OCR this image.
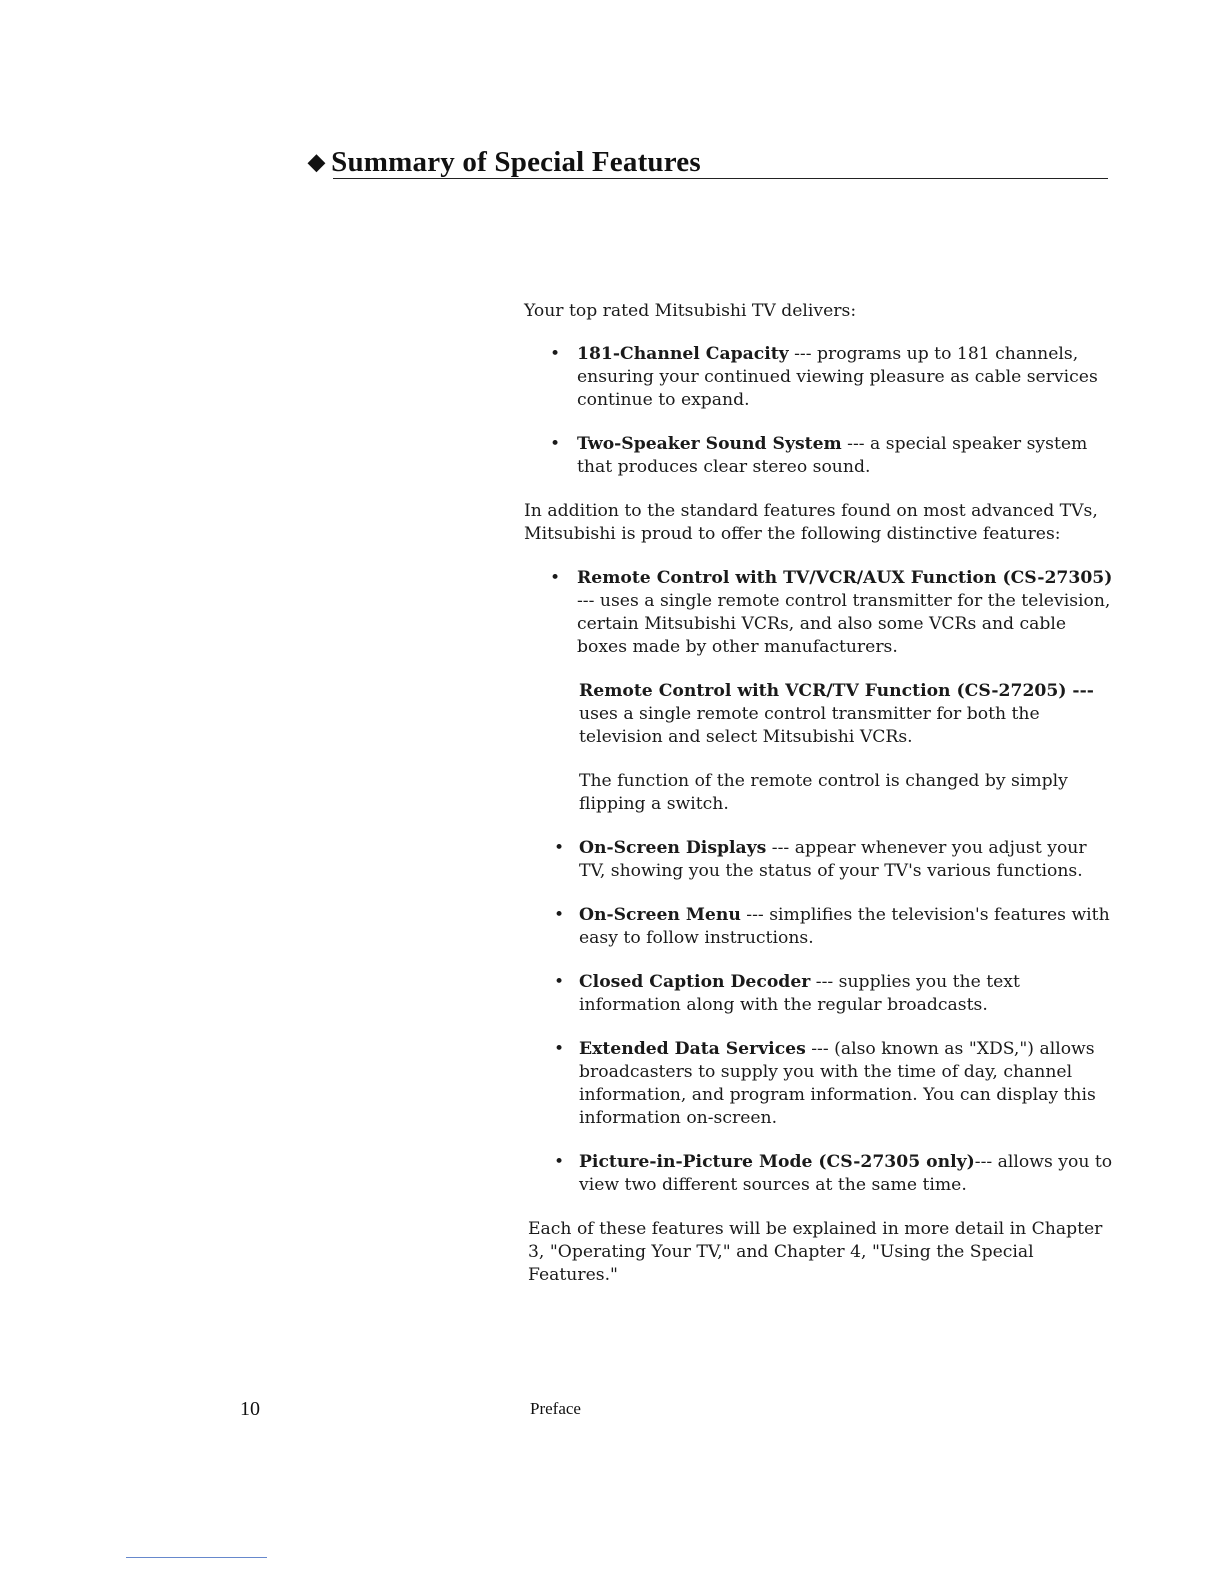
◆ Summary of Special Features

Your top rated Mitsubishi TV delivers:

• 181-Channel Capacity --- programs up to 181 channels, ensuring your continued viewing pleasure as cable services continue to expand.
• Two-Speaker Sound System --- a special speaker system that produces clear stereo sound.

In addition to the standard features found on most advanced TVs, Mitsubishi is proud to offer the following distinctive features:

• Remote Control with TV/VCR/AUX Function (CS-27305) --- uses a single remote control transmitter for the television, certain Mitsubishi VCRs, and also some VCRs and cable boxes made by other manufacturers.

Remote Control with VCR/TV Function (CS-27205) --- uses a single remote control transmitter for both the television and select Mitsubishi VCRs.

The function of the remote control is changed by simply flipping a switch.

• On-Screen Displays --- appear whenever you adjust your TV, showing you the status of your TV's various functions.
• On-Screen Menu --- simplifies the television's features with easy to follow instructions.
• Closed Caption Decoder --- supplies you the text information along with the regular broadcasts.
• Extended Data Services --- (also known as "XDS,") allows broadcasters to supply you with the time of day, channel information, and program information. You can display this information on-screen.
• Picture-in-Picture Mode (CS-27305 only)--- allows you to view two different sources at the same time.

Each of these features will be explained in more detail in Chapter 3, "Operating Your TV," and Chapter 4, "Using the Special Features."

10	Preface
